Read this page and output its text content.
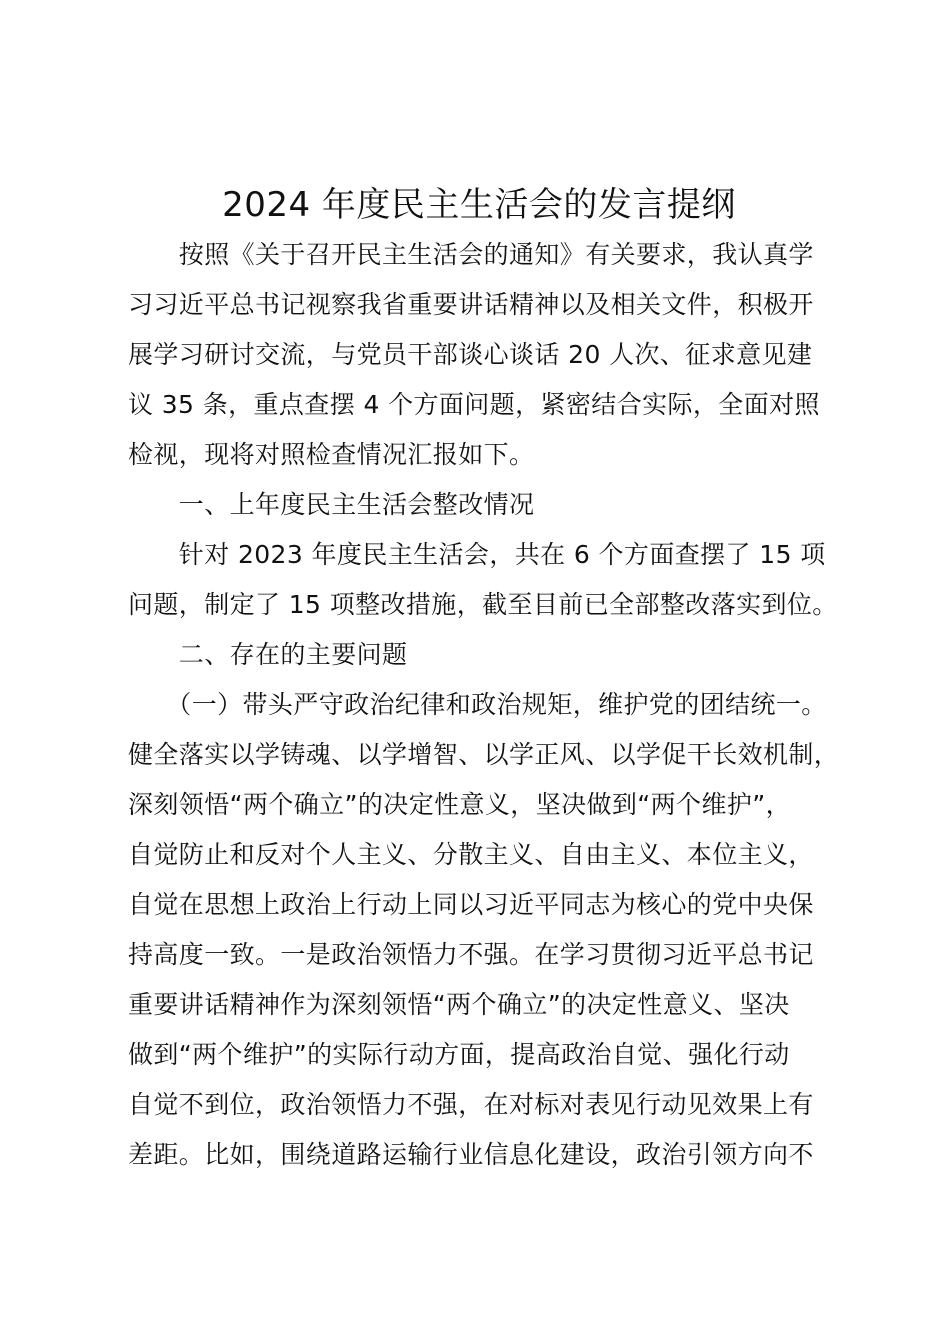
2024 年度民主生活会的发言提纲
　　按照《关于召开民主生活会的通知》有关要求，我认真学
习习近平总书记视察我省重要讲话精神以及相关文件，积极开
展学习研讨交流，与党员干部谈心谈话 20 人次、征求意见建
议 35 条，重点查摆 4 个方面问题，紧密结合实际，全面对照
检视，现将对照检查情况汇报如下。
　　一、上年度民主生活会整改情况
　　针对 2023 年度民主生活会，共在 6 个方面查摆了 15 项
问题，制定了 15 项整改措施，截至目前已全部整改落实到位。
　　二、存在的主要问题
　　（一）带头严守政治纪律和政治规矩，维护党的团结统一。
健全落实以学铸魂、以学增智、以学正风、以学促干长效机制，
深刻领悟“两个确立”的决定性意义，坚决做到“两个维护”，
自觉防止和反对个人主义、分散主义、自由主义、本位主义，
自觉在思想上政治上行动上同以习近平同志为核心的党中央保
持高度一致。一是政治领悟力不强。在学习贯彻习近平总书记
重要讲话精神作为深刻领悟“两个确立”的决定性意义、坚决
做到“两个维护”的实际行动方面，提高政治自觉、强化行动
自觉不到位，政治领悟力不强，在对标对表见行动见效果上有
差距。比如，围绕道路运输行业信息化建设，政治引领方向不
